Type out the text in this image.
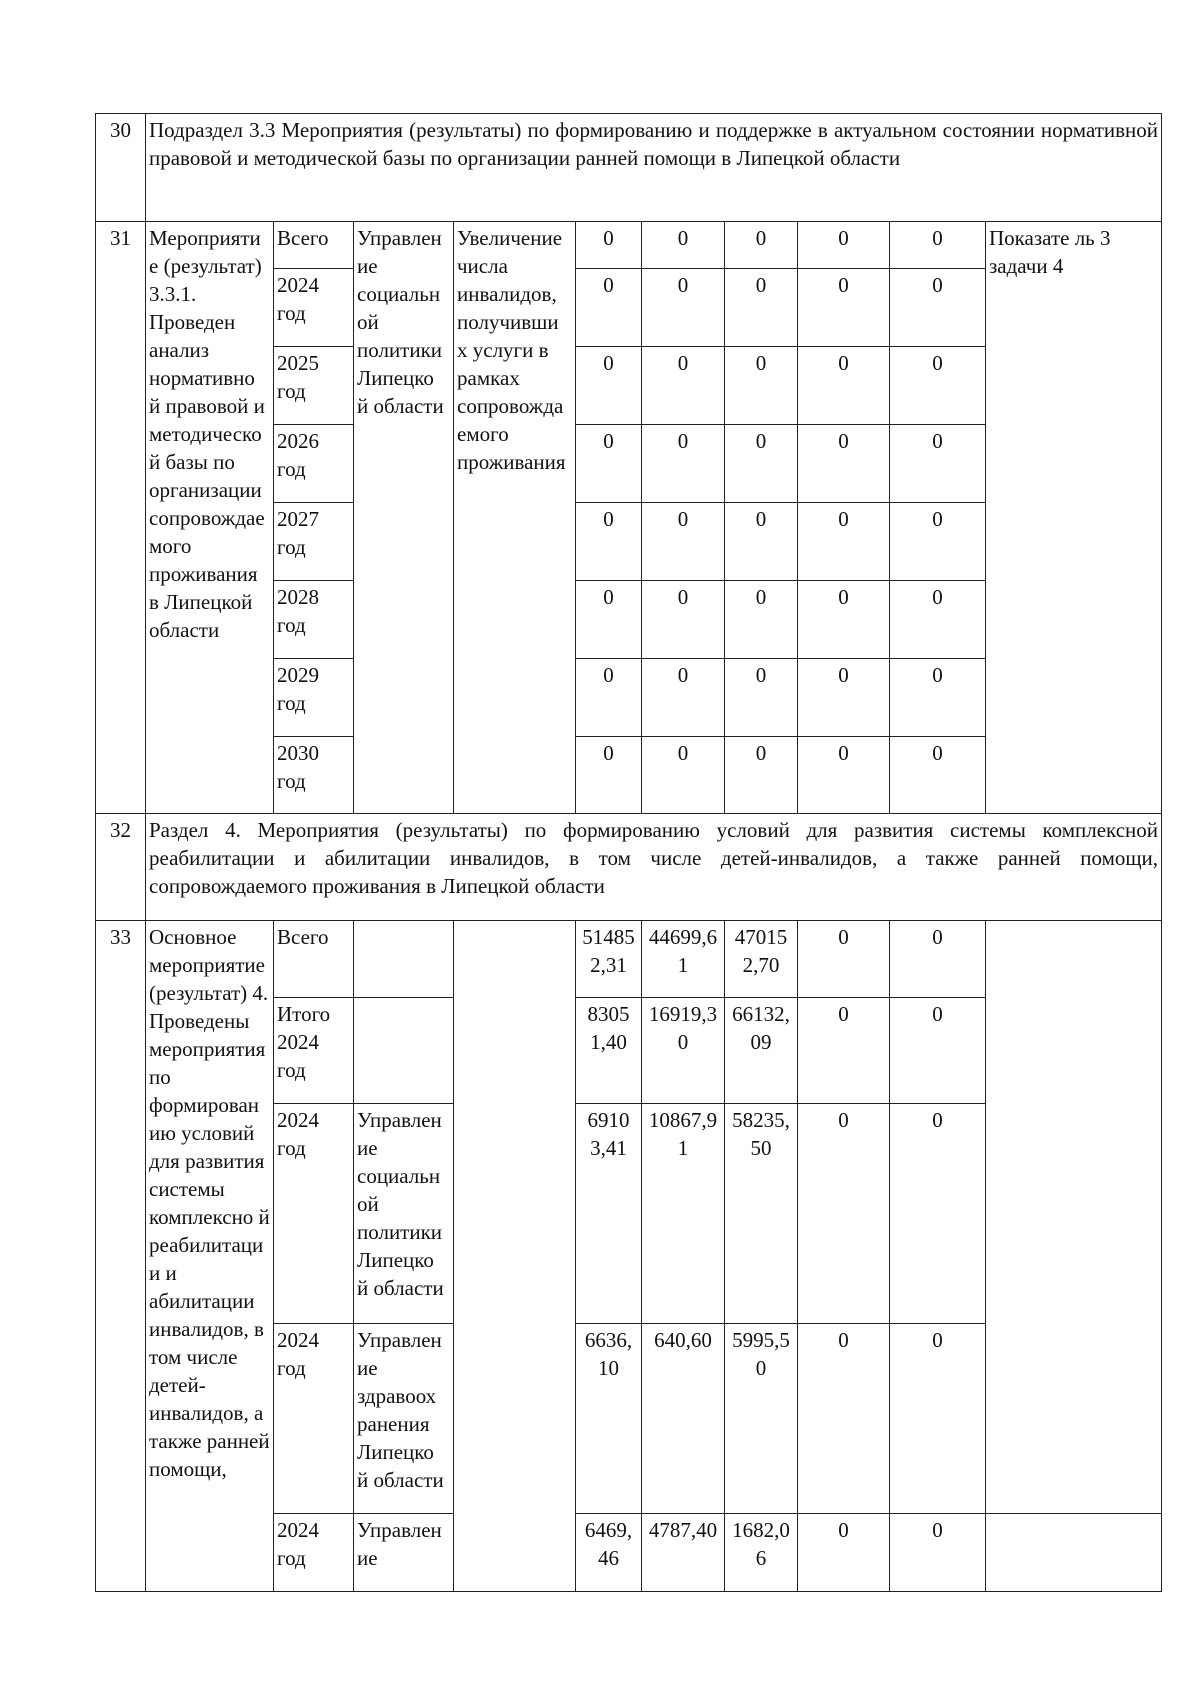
30	Подраздел 3.3 Мероприятия (результаты) по формированию и поддержке в актуальном состоянии нормативной правовой и методической базы по организации ранней помощи в Липецкой области									
31	Мероприяти е (результат) 3.3.1. Проведен анализ нормативно й правовой и методическо й базы по организации сопровождае мого проживания в Липецкой области	Всего	Управлен ие социальн ой политики Липецко й области	Увеличение числа инвалидов, получивши х услуги в рамках сопровожда емого проживания	0	0	0	0	0	Показате ль 3 задачи 4
		2024 год			0	0	0	0	0	
		2025 год			0	0	0	0	0	
		2026 год			0	0	0	0	0	
		2027 год			0	0	0	0	0	
		2028 год			0	0	0	0	0	
		2029 год			0	0	0	0	0	
		2030 год			0	0	0	0	0	
32	Раздел 4. Мероприятия (результаты) по формированию условий для развития системы комплексной реабилитации и абилитации инвалидов, в том числе детей-инвалидов, а также ранней помощи, сопровождаемого проживания в Липецкой области									
33	Основное мероприятие (результат) 4. Проведены мероприятия по формирован ию условий для развития системы комплексно й реабилитаци и и абилитации инвалидов, в том числе детей-инвалидов, а также ранней помощи,	Всего			51485 2,31	44699,6 1	47015 2,70	0	0	
		Итого 2024 год			8305 1,40	16919,3 0	66132, 09	0	0	
		2024 год	Управлен ие социальн ой политики Липецко й области		6910 3,41	10867,9 1	58235, 50	0	0	
		2024 год	Управлен ие здравоох ранения Липецко й области		6636, 10	640,60	5995,5 0	0	0	
		2024 год	Управлен ие		6469, 46	4787,40	1682,0 6	0	0	
